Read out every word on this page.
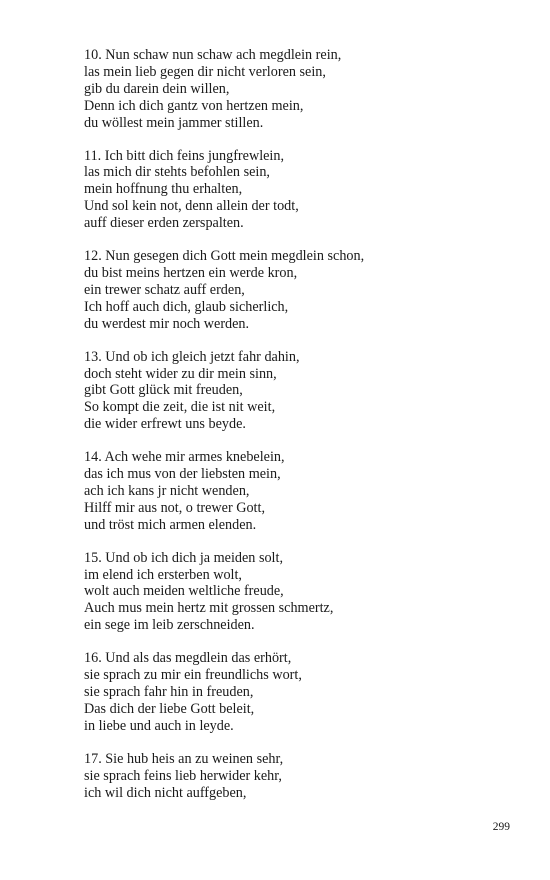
10. Nun schaw nun schaw ach megdlein rein,
las mein lieb gegen dir nicht verloren sein,
gib du darein dein willen,
Denn ich dich gantz von hertzen mein,
du wöllest mein jammer stillen.
11. Ich bitt dich feins jungfrewlein,
las mich dir stehts befohlen sein,
mein hoffnung thu erhalten,
Und sol kein not, denn allein der todt,
auff dieser erden zerspalten.
12. Nun gesegen dich Gott mein megdlein schon,
du bist meins hertzen ein werde kron,
ein trewer schatz auff erden,
Ich hoff auch dich, glaub sicherlich,
du werdest mir noch werden.
13. Und ob ich gleich jetzt fahr dahin,
doch steht wider zu dir mein sinn,
gibt Gott glück mit freuden,
So kompt die zeit, die ist nit weit,
die wider erfrewt uns beyde.
14. Ach wehe mir armes knebelein,
das ich mus von der liebsten mein,
ach ich kans jr nicht wenden,
Hilff mir aus not, o trewer Gott,
und tröst mich armen elenden.
15. Und ob ich dich ja meiden solt,
im elend ich ersterben wolt,
wolt auch meiden weltliche freude,
Auch mus mein hertz mit grossen schmertz,
ein sege im leib zerschneiden.
16. Und als das megdlein das erhört,
sie sprach zu mir ein freundlichs wort,
sie sprach fahr hin in freuden,
Das dich der liebe Gott beleit,
in liebe und auch in leyde.
17. Sie hub heis an zu weinen sehr,
sie sprach feins lieb herwider kehr,
ich wil dich nicht auffgeben,
299
